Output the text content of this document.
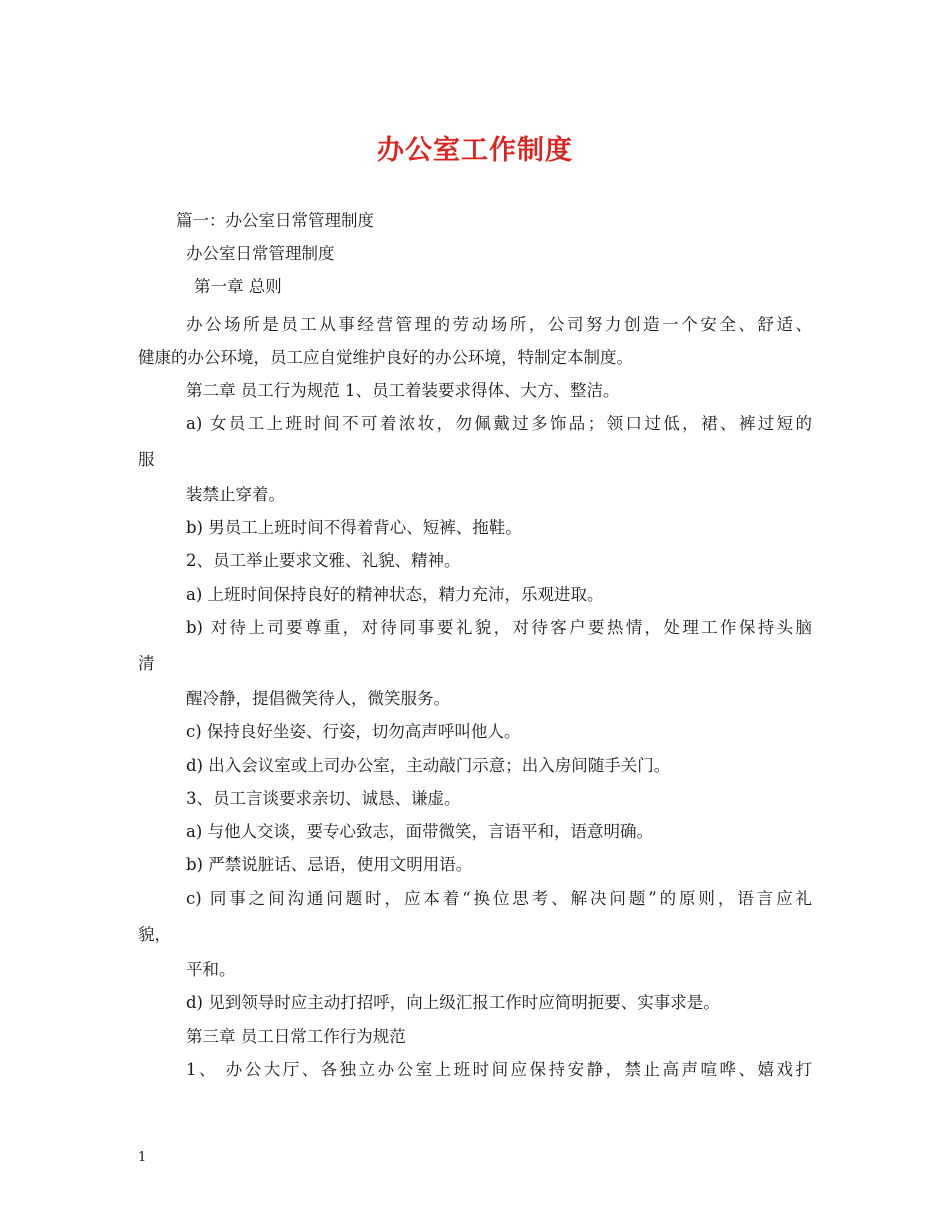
办公室工作制度
篇一：办公室日常管理制度
办公室日常管理制度
第一章 总则
办公场所是员工从事经营管理的劳动场所，公司努力创造一个安全、舒适、
健康的办公环境，员工应自觉维护良好的办公环境，特制定本制度。
第二章 员工行为规范 1、员工着装要求得体、大方、整洁。
a) 女员工上班时间不可着浓妆，勿佩戴过多饰品；领口过低，裙、裤过短的
服
装禁止穿着。
b) 男员工上班时间不得着背心、短裤、拖鞋。
2、员工举止要求文雅、礼貌、精神。
a) 上班时间保持良好的精神状态，精力充沛，乐观进取。
b) 对待上司要尊重，对待同事要礼貌，对待客户要热情，处理工作保持头脑
清
醒冷静，提倡微笑待人，微笑服务。
c) 保持良好坐姿、行姿，切勿高声呼叫他人。
d) 出入会议室或上司办公室，主动敲门示意；出入房间随手关门。
3、员工言谈要求亲切、诚恳、谦虚。
a) 与他人交谈，要专心致志，面带微笑，言语平和，语意明确。
b) 严禁说脏话、忌语，使用文明用语。
c) 同事之间沟通问题时，应本着“换位思考、解决问题”的原则，语言应礼
貌，
平和。
d) 见到领导时应主动打招呼，向上级汇报工作时应简明扼要、实事求是。
第三章 员工日常工作行为规范
1、 办公大厅、各独立办公室上班时间应保持安静，禁止高声喧哗、嬉戏打
1
